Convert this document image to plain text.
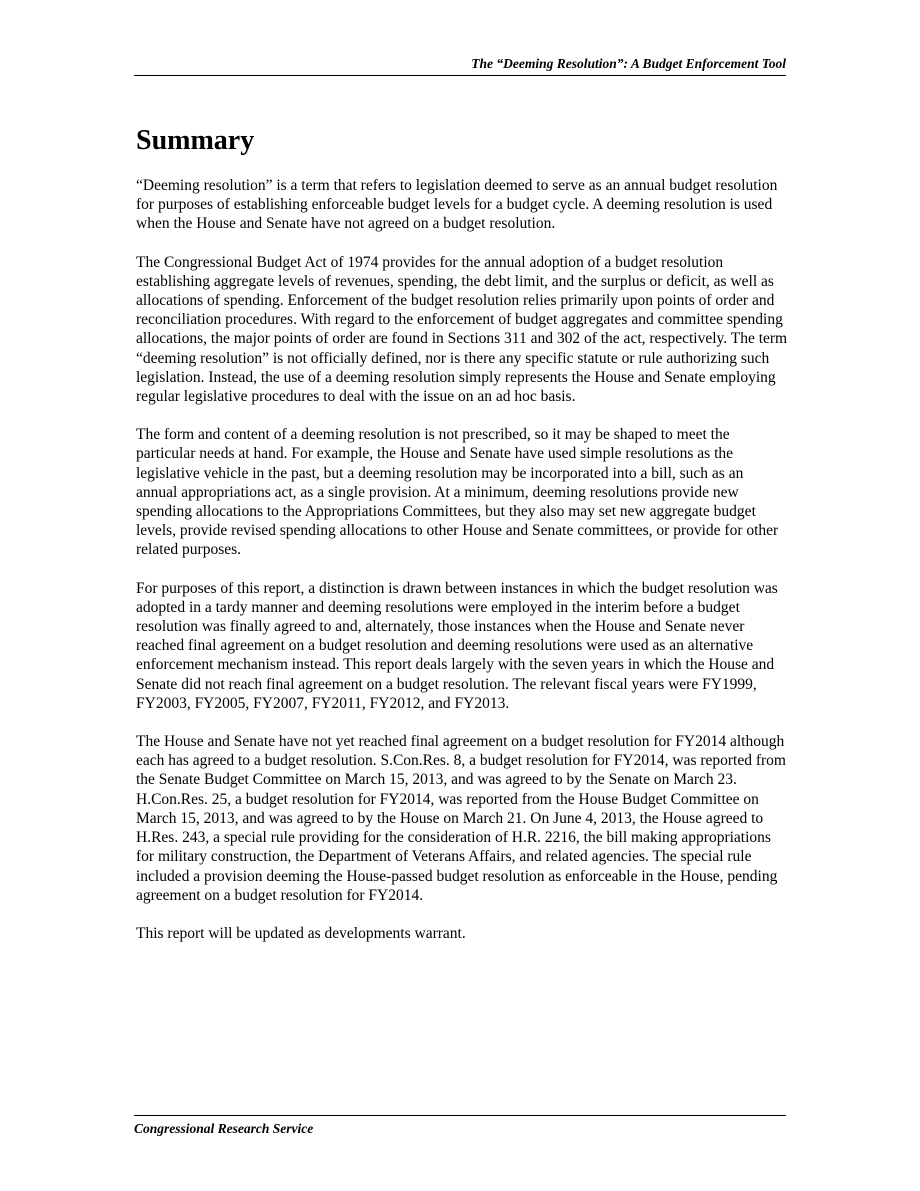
The “Deeming Resolution”: A Budget Enforcement Tool
Summary

“Deeming resolution” is a term that refers to legislation deemed to serve as an annual budget resolution for purposes of establishing enforceable budget levels for a budget cycle. A deeming resolution is used when the House and Senate have not agreed on a budget resolution.

The Congressional Budget Act of 1974 provides for the annual adoption of a budget resolution establishing aggregate levels of revenues, spending, the debt limit, and the surplus or deficit, as well as allocations of spending. Enforcement of the budget resolution relies primarily upon points of order and reconciliation procedures. With regard to the enforcement of budget aggregates and committee spending allocations, the major points of order are found in Sections 311 and 302 of the act, respectively. The term “deeming resolution” is not officially defined, nor is there any specific statute or rule authorizing such legislation. Instead, the use of a deeming resolution simply represents the House and Senate employing regular legislative procedures to deal with the issue on an ad hoc basis.

The form and content of a deeming resolution is not prescribed, so it may be shaped to meet the particular needs at hand. For example, the House and Senate have used simple resolutions as the legislative vehicle in the past, but a deeming resolution may be incorporated into a bill, such as an annual appropriations act, as a single provision. At a minimum, deeming resolutions provide new spending allocations to the Appropriations Committees, but they also may set new aggregate budget levels, provide revised spending allocations to other House and Senate committees, or provide for other related purposes.

For purposes of this report, a distinction is drawn between instances in which the budget resolution was adopted in a tardy manner and deeming resolutions were employed in the interim before a budget resolution was finally agreed to and, alternately, those instances when the House and Senate never reached final agreement on a budget resolution and deeming resolutions were used as an alternative enforcement mechanism instead. This report deals largely with the seven years in which the House and Senate did not reach final agreement on a budget resolution. The relevant fiscal years were FY1999, FY2003, FY2005, FY2007, FY2011, FY2012, and FY2013.

The House and Senate have not yet reached final agreement on a budget resolution for FY2014 although each has agreed to a budget resolution. S.Con.Res. 8, a budget resolution for FY2014, was reported from the Senate Budget Committee on March 15, 2013, and was agreed to by the Senate on March 23. H.Con.Res. 25, a budget resolution for FY2014, was reported from the House Budget Committee on March 15, 2013, and was agreed to by the House on March 21. On June 4, 2013, the House agreed to H.Res. 243, a special rule providing for the consideration of H.R. 2216, the bill making appropriations for military construction, the Department of Veterans Affairs, and related agencies. The special rule included a provision deeming the House-passed budget resolution as enforceable in the House, pending agreement on a budget resolution for FY2014.

This report will be updated as developments warrant.

Congressional Research Service
